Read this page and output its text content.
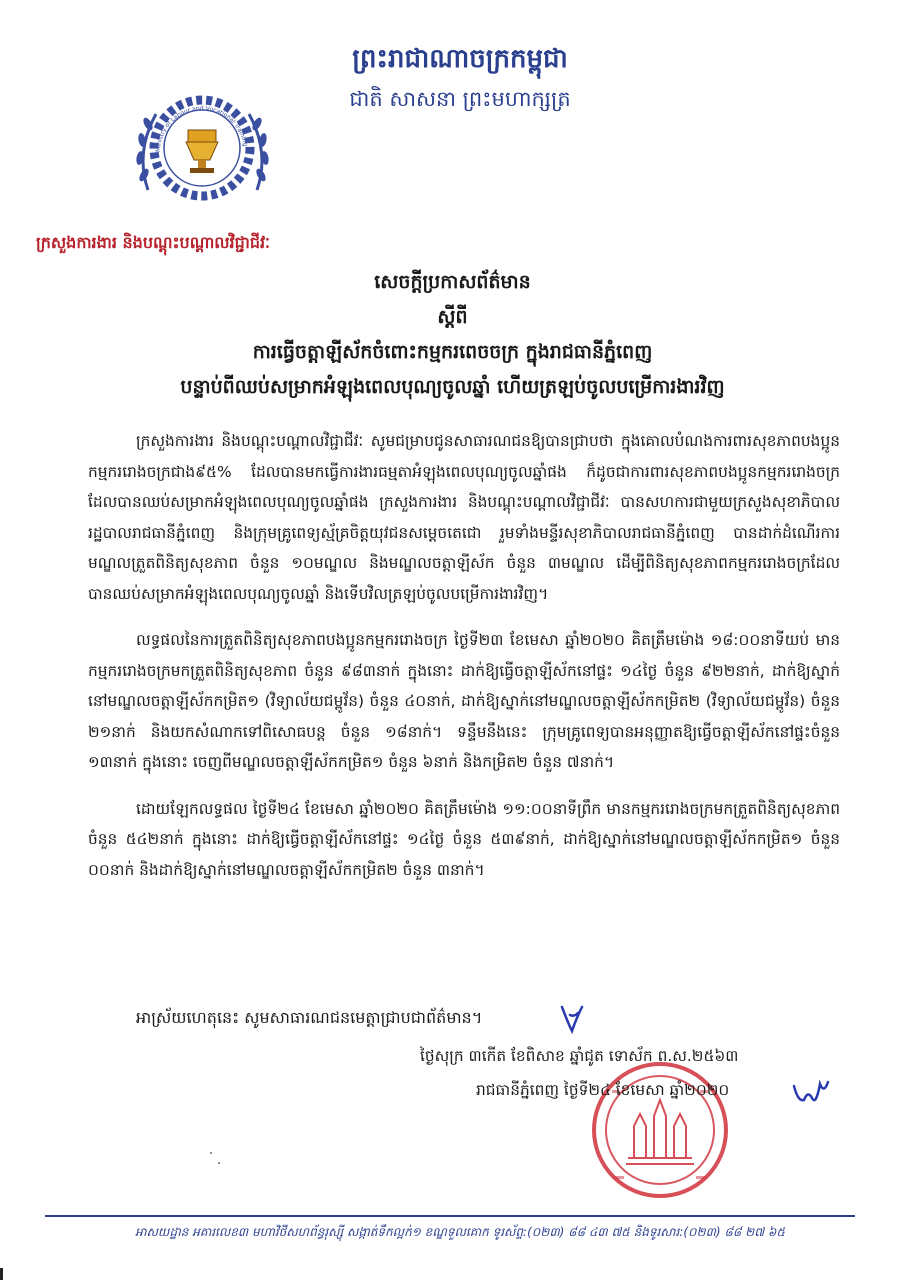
ព្រះរាជាណាចក្រកម្ពុជា
ជាតិ សាសនា ព្រះមហាក្សត្រ
Ministry of Labour and Vocational Training
ក្រសួងការងារ និងបណ្តុះបណ្តាលវិជ្ជាជីវៈ
សេចក្តីប្រកាសព័ត៌មាន
ស្តីពី
ការធ្វើចត្តាឡីស័កចំពោះកម្មករពេចចក្រ ក្នុងរាជធានីភ្នំពេញ
បន្ទាប់ពីឈប់សម្រាកអំឡុងពេលបុណ្យចូលឆ្នាំ ហើយត្រឡប់ចូលបម្រើការងារវិញ

ក្រសួងការងារ និងបណ្តុះបណ្តាលវិជ្ជាជីវៈ សូមជម្រាបជូនសាធារណជនឱ្យបានជ្រាបថា ក្នុងគោលបំណងការពារសុខភាពបងប្អូនកម្មកររោងចក្រជាង៩៥% ដែលបានមកធ្វើការងារធម្មតាអំឡុងពេលបុណ្យចូលឆ្នាំផង ក៏ដូចជាការពារសុខភាពបងប្អូនកម្មកររោងចក្រ ដែលបានឈប់សម្រាកអំឡុងពេលបុណ្យចូលឆ្នាំផង ក្រសួងការងារ និងបណ្តុះបណ្តាលវិជ្ជាជីវៈ បានសហការជាមួយក្រសួងសុខាភិបាល រដ្ឋបាលរាជធានីភ្នំពេញ និងក្រុមគ្រូពេទ្យស្ម័គ្រចិត្តយុវជនសម្តេចតេជោ រួមទាំងមន្ទីរសុខាភិបាលរាជធានីភ្នំពេញ បានដាក់ដំណើរការមណ្ឌលត្រួតពិនិត្យសុខភាព ចំនួន ១០មណ្ឌល និងមណ្ឌលចត្តាឡីស័ក ចំនួន ៣មណ្ឌល ដើម្បីពិនិត្យសុខភាពកម្មកររោងចក្រដែលបានឈប់សម្រាកអំឡុងពេលបុណ្យចូលឆ្នាំ និងទើបវិលត្រឡប់ចូលបម្រើការងារវិញ។

លទ្ធផលនៃការត្រួតពិនិត្យសុខភាពបងប្អូនកម្មកររោងចក្រ ថ្ងៃទី២៣ ខែមេសា ឆ្នាំ២០២០ គិតត្រឹមម៉ោង ១៨:០០នាទីយប់ មានកម្មកររោងចក្រមកត្រួតពិនិត្យសុខភាព ចំនួន ៩៨៣នាក់ ក្នុងនោះ ដាក់ឱ្យធ្វើចត្តាឡីស័កនៅផ្ទះ ១៤ថ្ងៃ ចំនួន ៩២២នាក់, ដាក់ឱ្យស្នាក់នៅមណ្ឌលចត្តាឡីស័កកម្រិត១ (វិទ្យាល័យជម្ពូវ័ន) ចំនួន ៤០នាក់, ដាក់ឱ្យស្នាក់នៅមណ្ឌលចត្តាឡីស័កកម្រិត២ (វិទ្យាល័យជម្ពូវ័ន) ចំនួន ២១នាក់ និងយកសំណាកទៅពិសោធបន្ត ចំនួន ១៨នាក់។ ទន្ទឹមនឹងនេះ ក្រុមគ្រូពេទ្យបានអនុញ្ញាតឱ្យធ្វើចត្តាឡីស័កនៅផ្ទះចំនួន ១៣នាក់ ក្នុងនោះ ចេញពីមណ្ឌលចត្តាឡីស័កកម្រិត១ ចំនួន ៦នាក់ និងកម្រិត២ ចំនួន ៧នាក់។

ដោយឡែកលទ្ធផល ថ្ងៃទី២៤ ខែមេសា ឆ្នាំ២០២០ គិតត្រឹមម៉ោង ១១:០០នាទីព្រឹក មានកម្មកររោងចក្រមកត្រួតពិនិត្យសុខភាព ចំនួន ៥៤២នាក់ ក្នុងនោះ ដាក់ឱ្យធ្វើចត្តាឡីស័កនៅផ្ទះ ១៤ថ្ងៃ ចំនួន ៥៣៩នាក់, ដាក់ឱ្យស្នាក់នៅមណ្ឌលចត្តាឡីស័កកម្រិត១ ចំនួន ០០នាក់ និងដាក់ឱ្យស្នាក់នៅមណ្ឌលចត្តាឡីស័កកម្រិត២ ចំនួន ៣នាក់។

អាស្រ័យហេតុនេះ សូមសាធារណជនមេត្តាជ្រាបជាព័ត៌មាន។
ថ្ងៃសុក្រ ៣កើត ខែពិសាខ ឆ្នាំជូត ទោស័ក ព.ស.២៥៦៣
រាជធានីភ្នំពេញ ថ្ងៃទី២៤ ខែមេសា ឆ្នាំ២០២០
អាសយដ្ឋាន អគារលេខ៣ មហាវិថីសហព័ន្ធរុស្ស៊ី សង្កាត់ទឹកល្អក់១ ខណ្ឌទួលគោក ទូរស័ព្ទ:(០២៣) ៨៨ ៤៣ ៧៥ និងទូរសារ:(០២៣) ៨៨ ២៧ ៦៥
